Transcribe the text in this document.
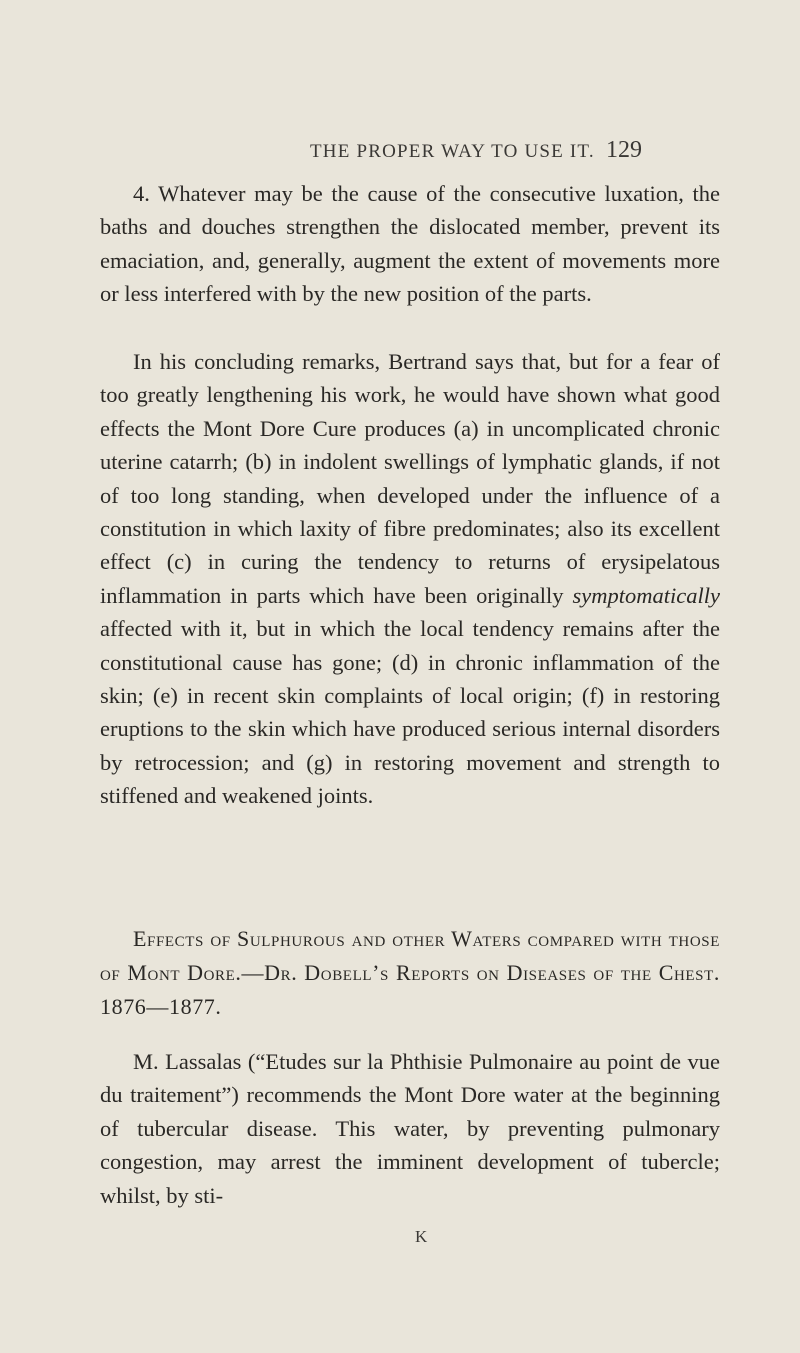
THE PROPER WAY TO USE IT. 129

4. Whatever may be the cause of the consecutive luxation, the baths and douches strengthen the dislocated member, prevent its emaciation, and, generally, augment the extent of movements more or less interfered with by the new position of the parts.

In his concluding remarks, Bertrand says that, but for a fear of too greatly lengthening his work, he would have shown what good effects the Mont Dore Cure produces (a) in uncomplicated chronic uterine catarrh; (b) in indolent swellings of lymphatic glands, if not of too long standing, when developed under the influence of a constitution in which laxity of fibre predominates; also its excellent effect (c) in curing the tendency to returns of erysipelatous inflammation in parts which have been originally symptomatically affected with it, but in which the local tendency remains after the constitutional cause has gone; (d) in chronic inflammation of the skin; (e) in recent skin complaints of local origin; (f) in restoring eruptions to the skin which have produced serious internal disorders by retrocession; and (g) in restoring movement and strength to stiffened and weakened joints.

Effects of Sulphurous and other Waters compared with those of Mont Dore.—Dr. Dobell’s Reports on Diseases of the Chest. 1876—1877.

M. Lassalas (“Etudes sur la Phthisie Pulmonaire au point de vue du traitement”) recommends the Mont Dore water at the beginning of tubercular disease. This water, by preventing pulmonary congestion, may arrest the imminent development of tubercle; whilst, by sti-

K
